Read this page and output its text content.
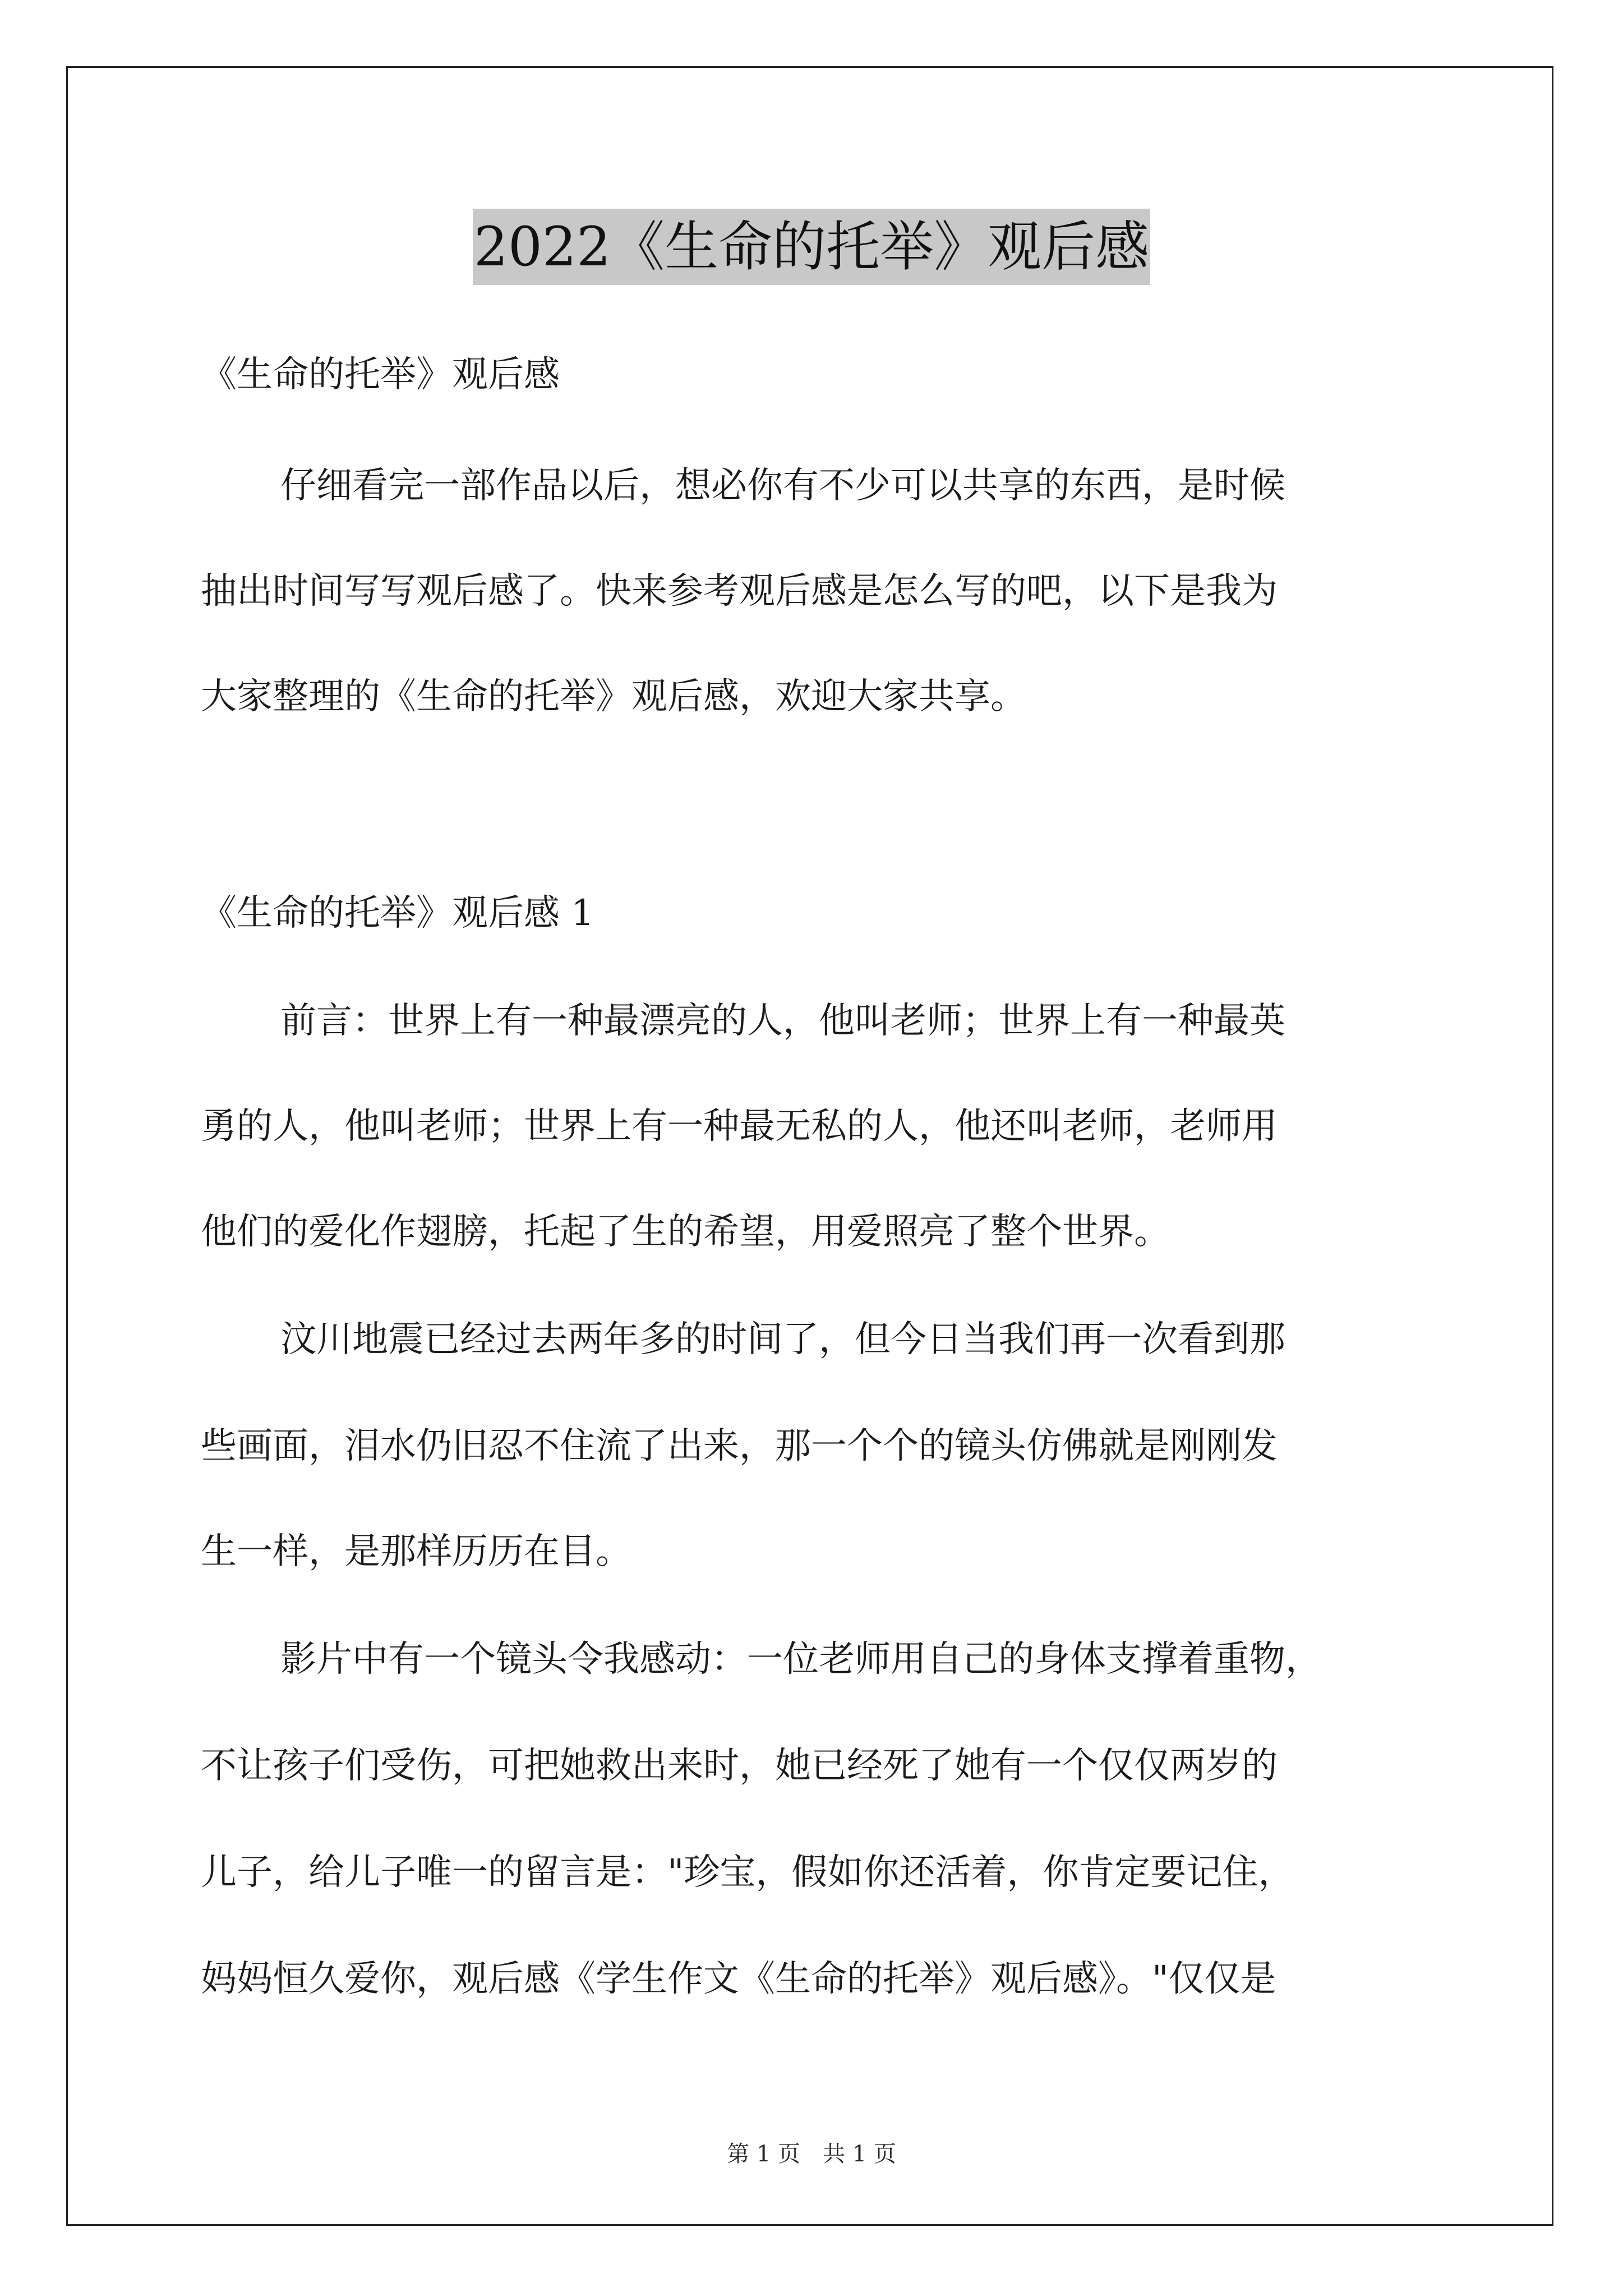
2022《生命的托举》观后感
《生命的托举》观后感
仔细看完一部作品以后，想必你有不少可以共享的东西，是时候
抽出时间写写观后感了。快来参考观后感是怎么写的吧，以下是我为
大家整理的《生命的托举》观后感，欢迎大家共享。
《生命的托举》观后感 1
前言：世界上有一种最漂亮的人，他叫老师；世界上有一种最英
勇的人，他叫老师；世界上有一种最无私的人，他还叫老师，老师用
他们的爱化作翅膀，托起了生的希望，用爱照亮了整个世界。
汶川地震已经过去两年多的时间了，但今日当我们再一次看到那
些画面，泪水仍旧忍不住流了出来，那一个个的镜头仿佛就是刚刚发
生一样，是那样历历在目。
影片中有一个镜头令我感动：一位老师用自己的身体支撑着重物，
不让孩子们受伤，可把她救出来时，她已经死了她有一个仅仅两岁的
儿子，给儿子唯一的留言是："珍宝，假如你还活着，你肯定要记住，
妈妈恒久爱你，观后感《学生作文《生命的托举》观后感》。"仅仅是
第 1 页　共 1 页
